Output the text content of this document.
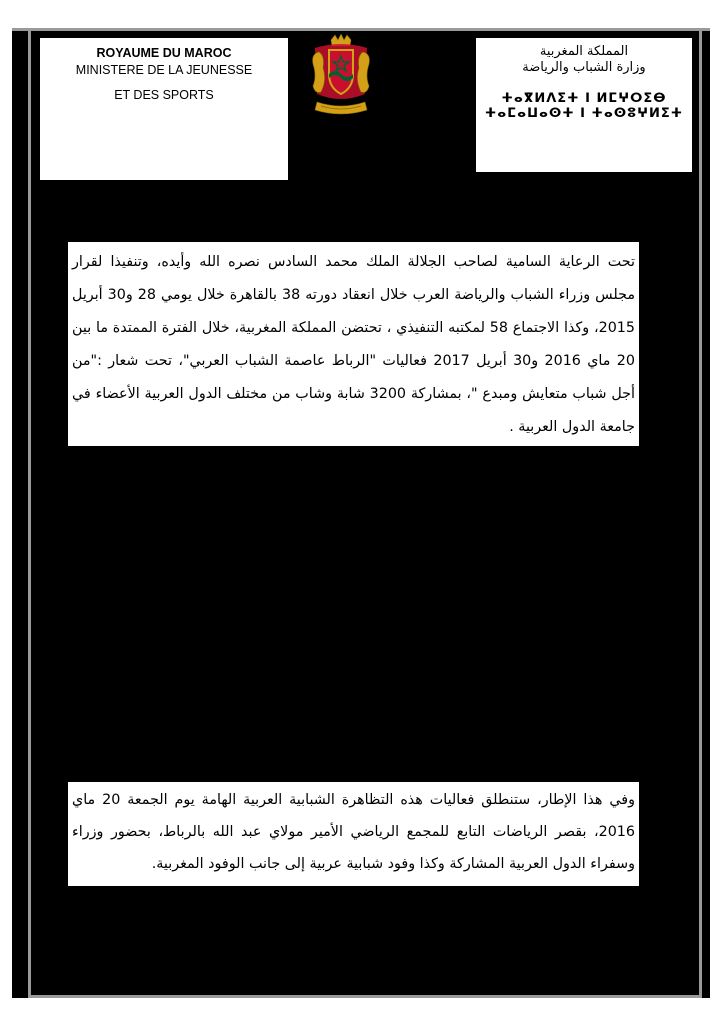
ROYAUME DU MAROC
MINISTERE DE LA JEUNESSE
ET DES SPORTS
المملكة المغربية
وزارة الشباب والرياضة
ⵜⴰⴳⵍⴷⵉⵜ ⵏ ⵍⵎⵖⵔⵉⴱ ⵜⴰⵎⴰⵡⴰⵙⵜ ⵏ ⵜⴰⵙⵓⵖⵍⵉⵜ
تحت الرعاية السامية لصاحب الجلالة الملك محمد السادس نصره الله وأيده، وتنفيذا لقرار مجلس وزراء الشباب والرياضة العرب خلال انعقاد دورته 38 بالقاهرة خلال يومي 28 و30 أبريل 2015، وكذا الاجتماع 58 لمكتبه التنفيذي ، تحتضن المملكة المغربية، خلال الفترة الممتدة ما بين 20 ماي 2016 و30 أبريل 2017 فعاليات "الرباط عاصمة الشباب العربي"، تحت شعار :"من أجل شباب متعايش ومبدع "، بمشاركة 3200 شابة وشاب من مختلف الدول العربية الأعضاء في جامعة الدول العربية .
وفي هذا الإطار، ستنطلق فعاليات هذه التظاهرة الشبابية العربية الهامة يوم الجمعة 20 ماي 2016، بقصر الرياضات التابع للمجمع الرياضي الأمير مولاي عبد الله بالرباط، بحضور وزراء وسفراء الدول العربية المشاركة وكذا وفود شبابية عربية إلى جانب الوفود المغربية.
